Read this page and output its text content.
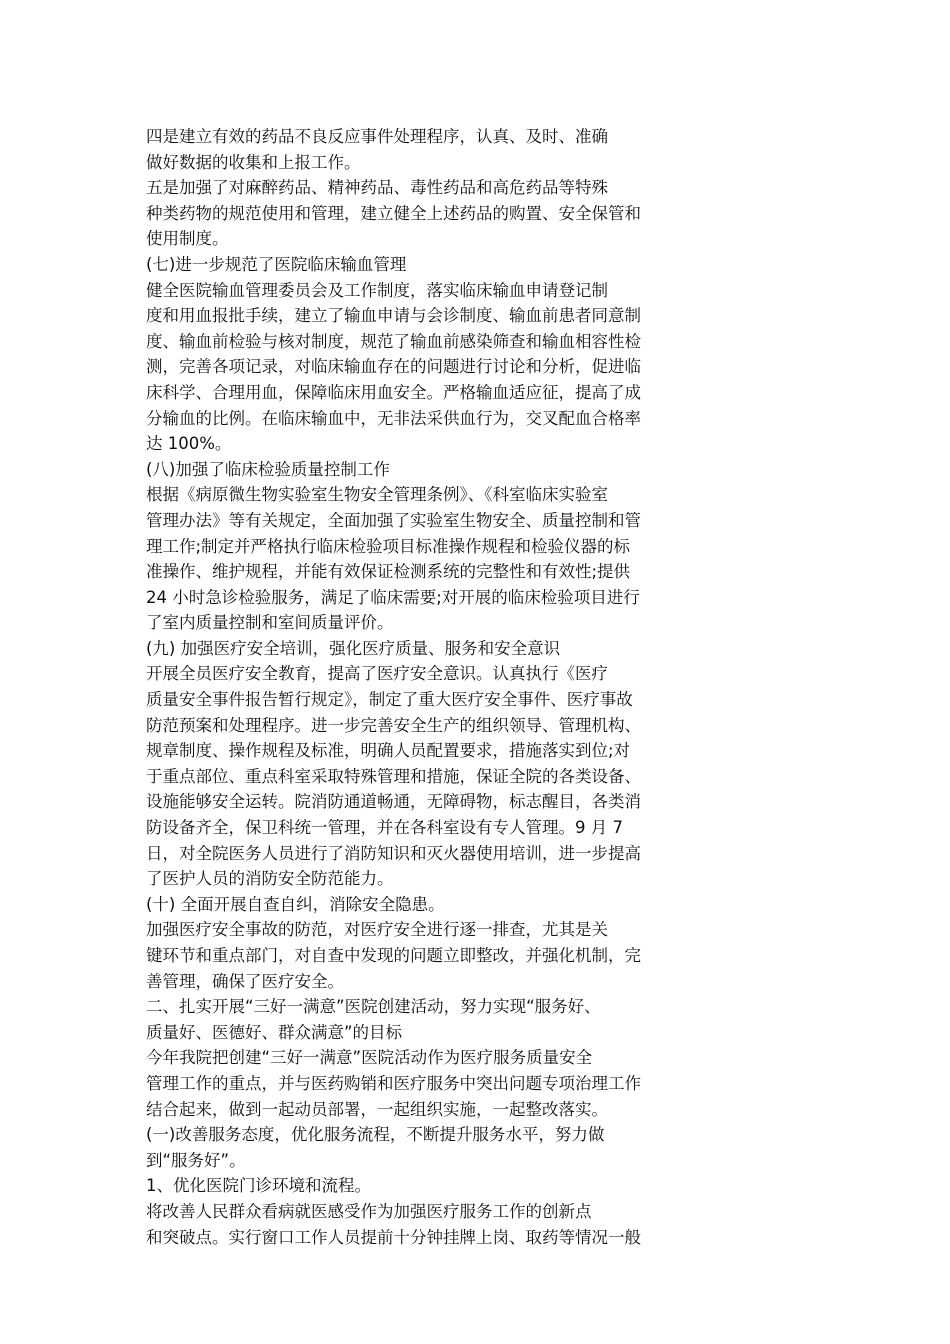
四是建立有效的药品不良反应事件处理程序，认真、及时、准确
做好数据的收集和上报工作。
五是加强了对麻醉药品、精神药品、毒性药品和高危药品等特殊
种类药物的规范使用和管理，建立健全上述药品的购置、安全保管和
使用制度。
(七)进一步规范了医院临床输血管理
健全医院输血管理委员会及工作制度，落实临床输血申请登记制
度和用血报批手续，建立了输血申请与会诊制度、输血前患者同意制
度、输血前检验与核对制度，规范了输血前感染筛查和输血相容性检
测，完善各项记录，对临床输血存在的问题进行讨论和分析，促进临
床科学、合理用血，保障临床用血安全。严格输血适应征，提高了成
分输血的比例。在临床输血中，无非法采供血行为，交叉配血合格率
达 100%。
(八)加强了临床检验质量控制工作
根据《病原微生物实验室生物安全管理条例》、《科室临床实验室
管理办法》等有关规定，全面加强了实验室生物安全、质量控制和管
理工作;制定并严格执行临床检验项目标准操作规程和检验仪器的标
准操作、维护规程，并能有效保证检测系统的完整性和有效性;提供
24 小时急诊检验服务，满足了临床需要;对开展的临床检验项目进行
了室内质量控制和室间质量评价。
(九) 加强医疗安全培训，强化医疗质量、服务和安全意识
开展全员医疗安全教育，提高了医疗安全意识。认真执行《医疗
质量安全事件报告暂行规定》，制定了重大医疗安全事件、医疗事故
防范预案和处理程序。进一步完善安全生产的组织领导、管理机构、
规章制度、操作规程及标准，明确人员配置要求，措施落实到位;对
于重点部位、重点科室采取特殊管理和措施，保证全院的各类设备、
设施能够安全运转。院消防通道畅通，无障碍物，标志醒目，各类消
防设备齐全，保卫科统一管理，并在各科室设有专人管理。9 月 7
日，对全院医务人员进行了消防知识和灭火器使用培训，进一步提高
了医护人员的消防安全防范能力。
(十) 全面开展自查自纠，消除安全隐患。
加强医疗安全事故的防范，对医疗安全进行逐一排查，尤其是关
键环节和重点部门，对自查中发现的问题立即整改，并强化机制，完
善管理，确保了医疗安全。
二、扎实开展“三好一满意”医院创建活动，努力实现“服务好、
质量好、医德好、群众满意”的目标
今年我院把创建“三好一满意”医院活动作为医疗服务质量安全
管理工作的重点，并与医药购销和医疗服务中突出问题专项治理工作
结合起来，做到一起动员部署，一起组织实施，一起整改落实。
(一)改善服务态度，优化服务流程，不断提升服务水平，努力做
到“服务好”。
1、优化医院门诊环境和流程。
将改善人民群众看病就医感受作为加强医疗服务工作的创新点
和突破点。实行窗口工作人员提前十分钟挂牌上岗、取药等情况一般
